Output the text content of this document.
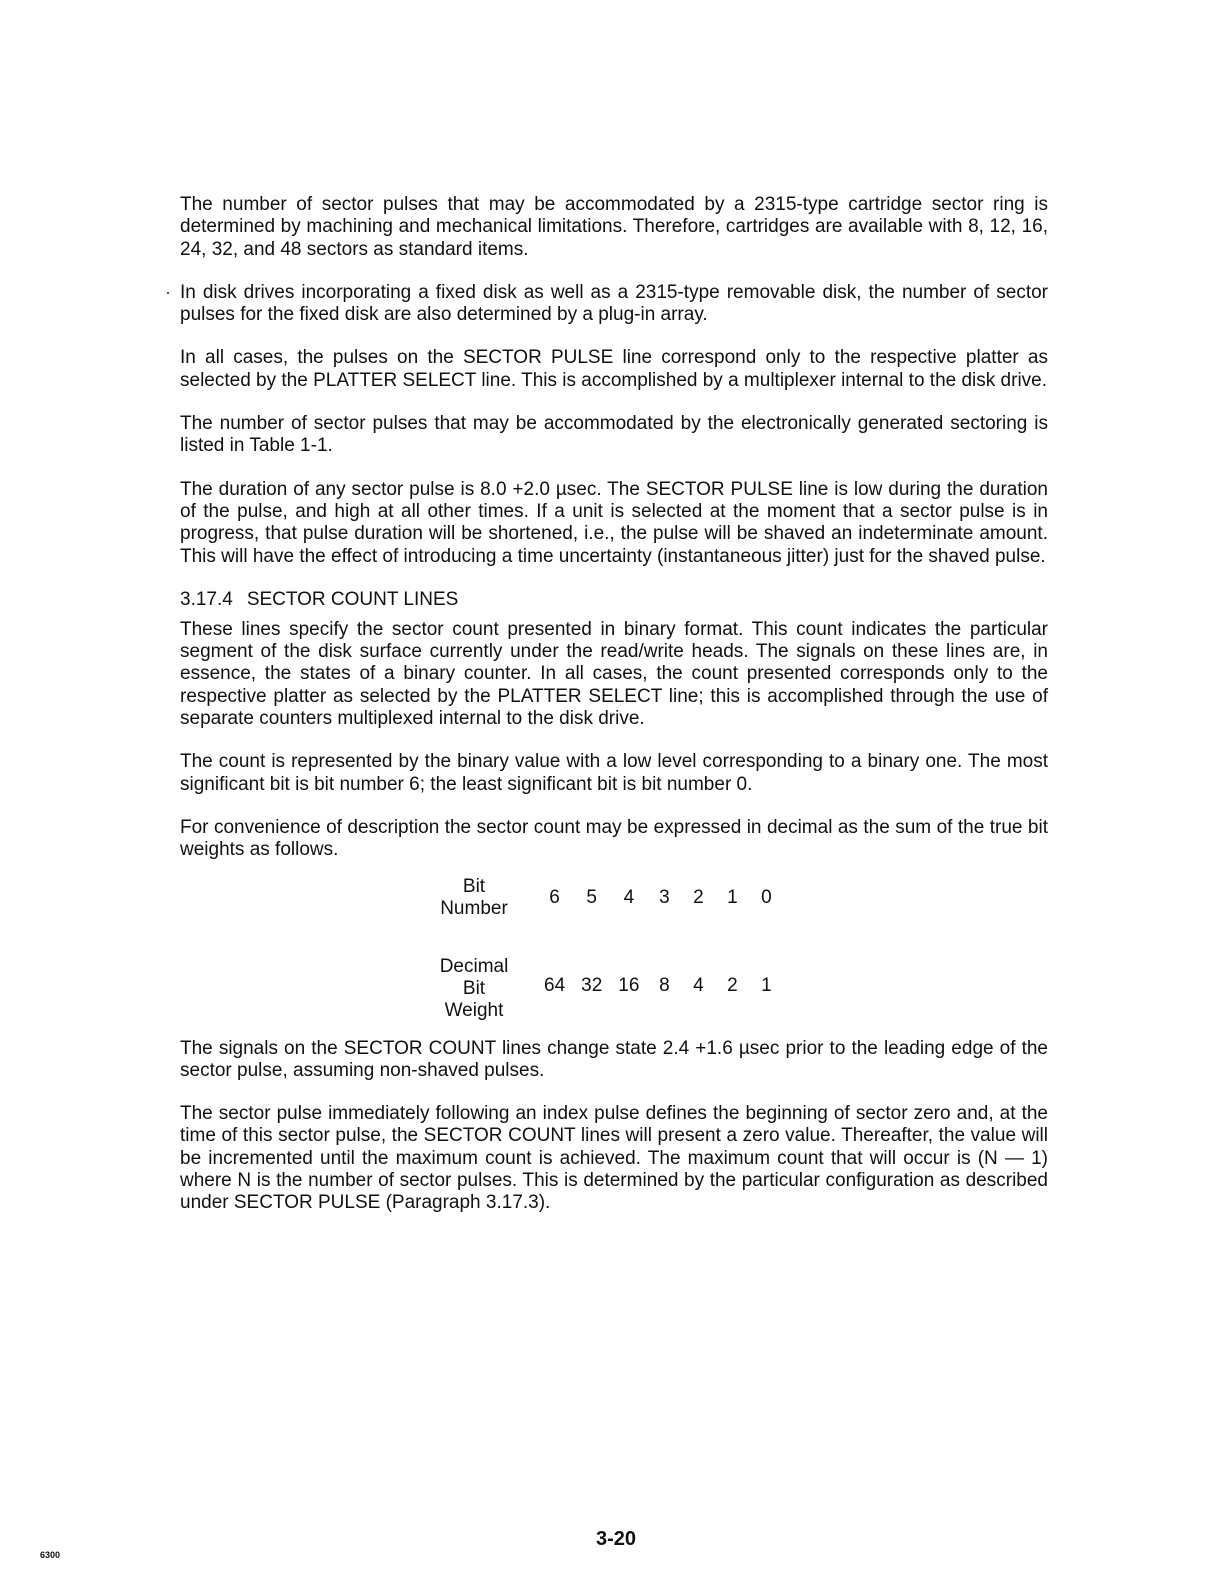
The number of sector pulses that may be accommodated by a 2315-type cartridge sector ring is determined by machining and mechanical limitations. Therefore, cartridges are available with 8, 12, 16, 24, 32, and 48 sectors as standard items.

In disk drives incorporating a fixed disk as well as a 2315-type removable disk, the number of sector pulses for the fixed disk are also determined by a plug-in array.

In all cases, the pulses on the SECTOR PULSE line correspond only to the respective platter as selected by the PLATTER SELECT line. This is accomplished by a multiplexer internal to the disk drive.

The number of sector pulses that may be accommodated by the electronically generated sectoring is listed in Table 1-1.

The duration of any sector pulse is 8.0 +2.0 µsec. The SECTOR PULSE line is low during the duration of the pulse, and high at all other times. If a unit is selected at the moment that a sector pulse is in progress, that pulse duration will be shortened, i.e., the pulse will be shaved an indeterminate amount. This will have the effect of introducing a time uncertainty (instantaneous jitter) just for the shaved pulse.

3.17.4 SECTOR COUNT LINES

These lines specify the sector count presented in binary format. This count indicates the particular segment of the disk surface currently under the read/write heads. The signals on these lines are, in essence, the states of a binary counter. In all cases, the count presented corresponds only to the respective platter as selected by the PLATTER SELECT line; this is accomplished through the use of separate counters multiplexed internal to the disk drive.

The count is represented by the binary value with a low level corresponding to a binary one. The most significant bit is bit number 6; the least significant bit is bit number 0.

For convenience of description the sector count may be expressed in decimal as the sum of the true bit weights as follows.

Bit
Number	6	5	4	3	2	1	0

Decimal
Bit
Weight	64	32	16	8	4	2	1

The signals on the SECTOR COUNT lines change state 2.4 +1.6 µsec prior to the leading edge of the sector pulse, assuming non-shaved pulses.

The sector pulse immediately following an index pulse defines the beginning of sector zero and, at the time of this sector pulse, the SECTOR COUNT lines will present a zero value. Thereafter, the value will be incremented until the maximum count is achieved. The maximum count that will occur is (N — 1) where N is the number of sector pulses. This is determined by the particular configuration as described under SECTOR PULSE (Paragraph 3.17.3).

3-20
6300
